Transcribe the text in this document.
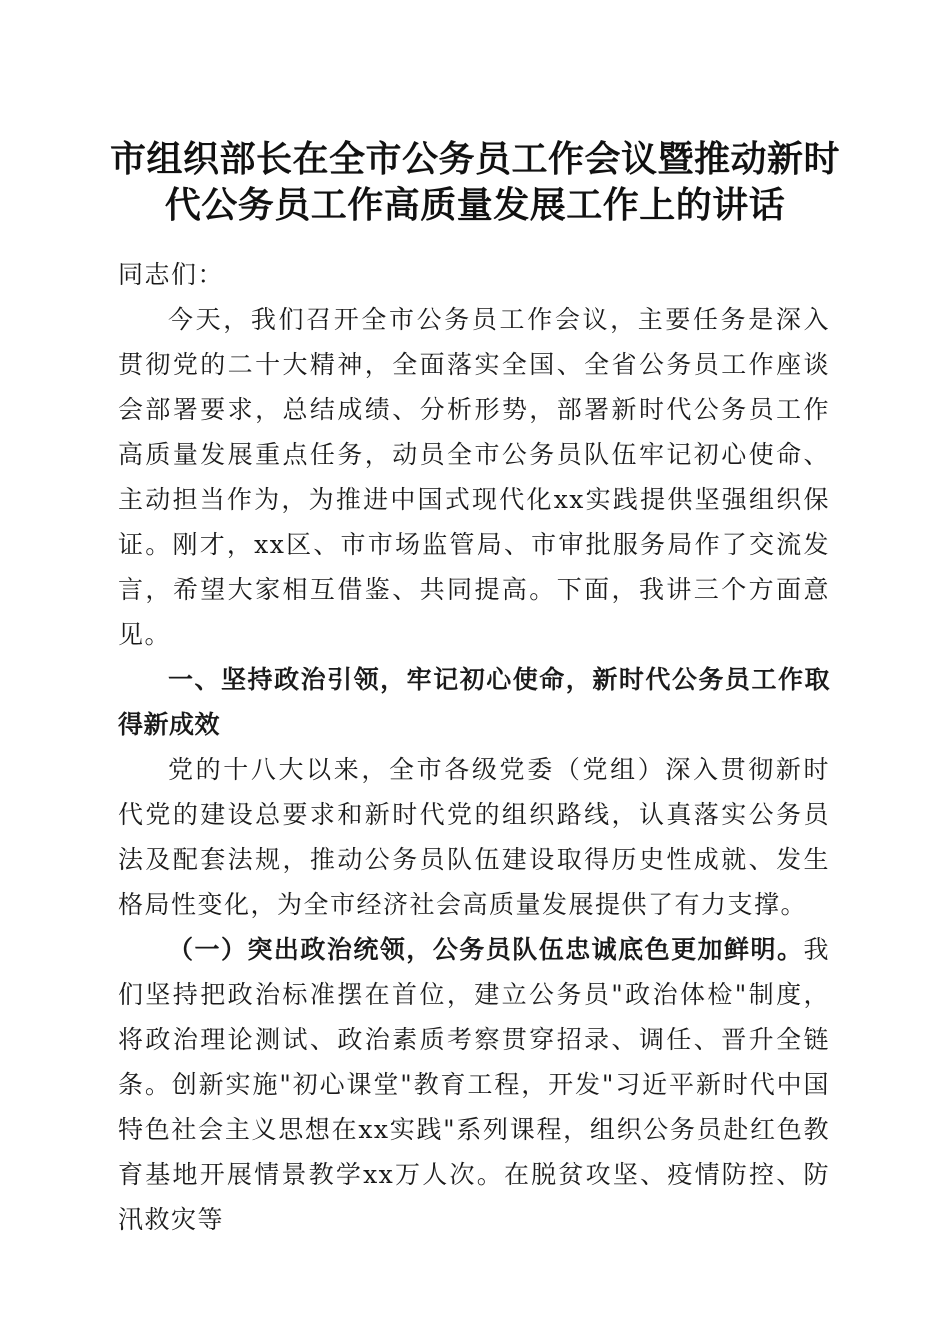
市组织部长在全市公务员工作会议暨推动新时
代公务员工作高质量发展工作上的讲话

同志们：

今天，我们召开全市公务员工作会议，主要任务是深入贯彻党的二十大精神，全面落实全国、全省公务员工作座谈会部署要求，总结成绩、分析形势，部署新时代公务员工作高质量发展重点任务，动员全市公务员队伍牢记初心使命、主动担当作为，为推进中国式现代化xx实践提供坚强组织保证。刚才，xx区、市市场监管局、市审批服务局作了交流发言，希望大家相互借鉴、共同提高。下面，我讲三个方面意见。

一、坚持政治引领，牢记初心使命，新时代公务员工作取得新成效

党的十八大以来，全市各级党委（党组）深入贯彻新时代党的建设总要求和新时代党的组织路线，认真落实公务员法及配套法规，推动公务员队伍建设取得历史性成就、发生格局性变化，为全市经济社会高质量发展提供了有力支撑。

（一）突出政治统领，公务员队伍忠诚底色更加鲜明。我们坚持把政治标准摆在首位，建立公务员"政治体检"制度，将政治理论测试、政治素质考察贯穿招录、调任、晋升全链条。创新实施"初心课堂"教育工程，开发"习近平新时代中国特色社会主义思想在xx实践"系列课程，组织公务员赴红色教育基地开展情景教学xx万人次。在脱贫攻坚、疫情防控、防汛救灾等
